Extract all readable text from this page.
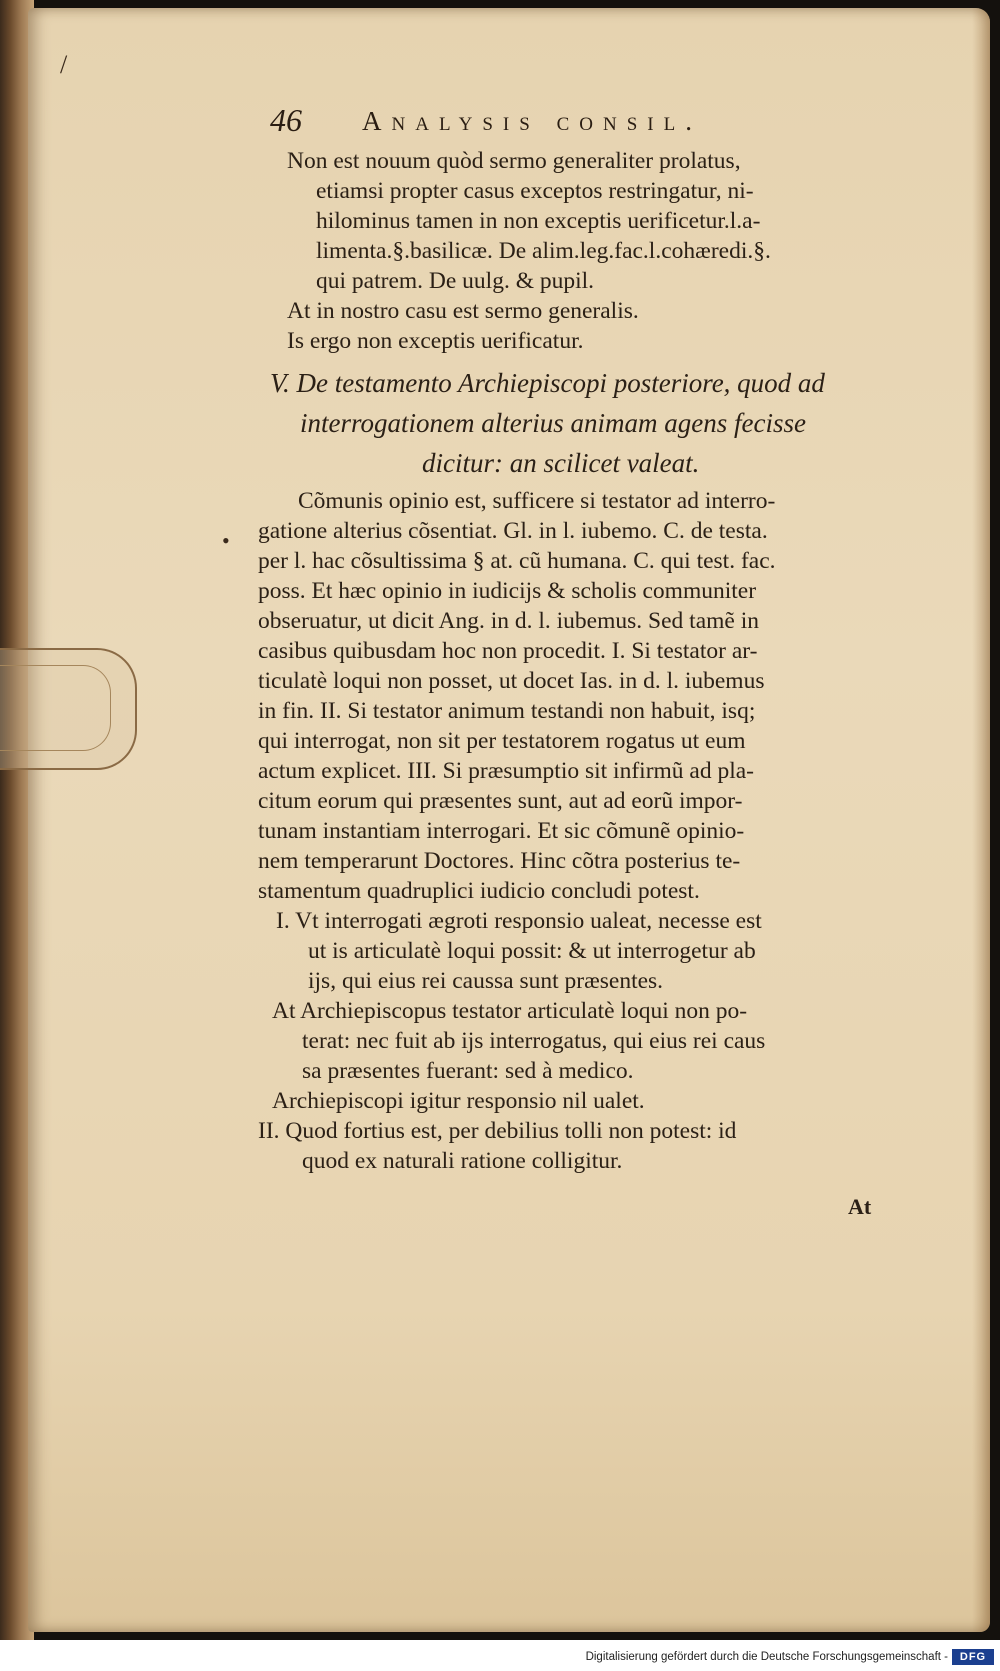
/
•
46 Analysis consil.
Non est nouum quòd sermo generaliter prolatus,
etiamsi propter casus exceptos restringatur, ni-
hilominus tamen in non exceptis uerificetur.l.a-
limenta.§.basilicæ. De alim.leg.fac.l.cohæredi.§.
qui patrem. De uulg. & pupil.
At in nostro casu est sermo generalis.
Is ergo non exceptis uerificatur.
V. De testamento Archiepiscopi posteriore, quod ad
interrogationem alterius animam agens fecisse
dicitur: an scilicet valeat.
Cõmunis opinio est, sufficere si testator ad interro-
gatione alterius cõsentiat. Gl. in l. iubemo. C. de testa.
per l. hac cõsultissima § at. cũ humana. C. qui test. fac.
poss. Et hæc opinio in iudicijs & scholis communiter
obseruatur, ut dicit Ang. in d. l. iubemus. Sed tamẽ in
casibus quibusdam hoc non procedit. I. Si testator ar-
ticulatè loqui non posset, ut docet Ias. in d. l. iubemus
in fin. II. Si testator animum testandi non habuit, isq;
qui interrogat, non sit per testatorem rogatus ut eum
actum explicet. III. Si præsumptio sit infirmũ ad pla-
citum eorum qui præsentes sunt, aut ad eorũ impor-
tunam instantiam interrogari. Et sic cõmunẽ opinio-
nem temperarunt Doctores. Hinc cõtra posterius te-
stamentum quadruplici iudicio concludi potest.
I. Vt interrogati ægroti responsio ualeat, necesse est
ut is articulatè loqui possit: & ut interrogetur ab
ijs, qui eius rei caussa sunt præsentes.
At Archiepiscopus testator articulatè loqui non po-
terat: nec fuit ab ijs interrogatus, qui eius rei caus
sa præsentes fuerant: sed à medico.
Archiepiscopi igitur responsio nil ualet.
II. Quod fortius est, per debilius tolli non potest: id
quod ex naturali ratione colligitur.
At
Digitalisierung gefördert durch die Deutsche Forschungsgemeinschaft -	DFG
